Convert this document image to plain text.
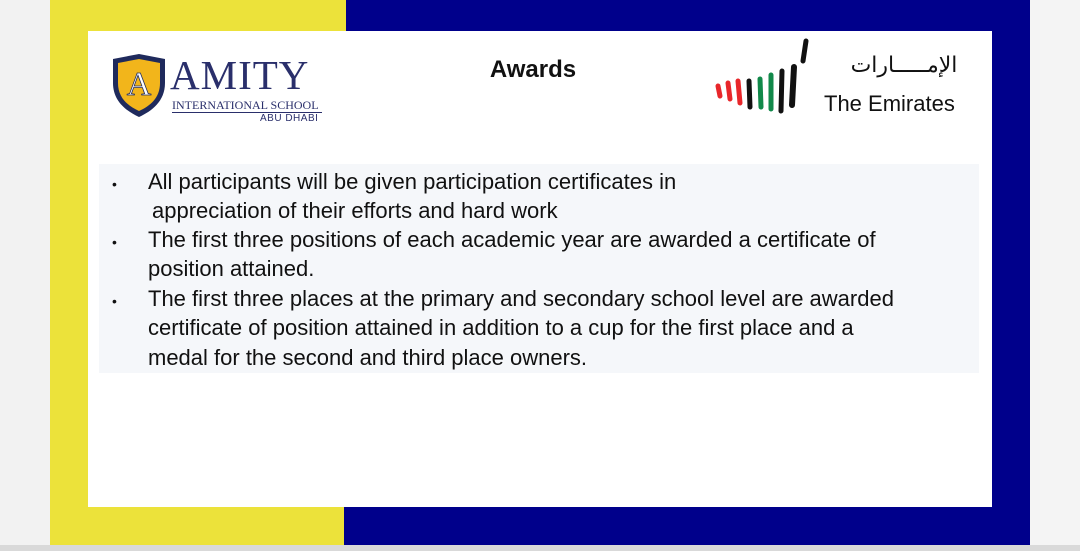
A AMITY
INTERNATIONAL SCHOOL
ABU DHABI
Awards	الإمـــــارات
The Emirates
• All participants will be given participation certificates in
appreciation of their efforts and hard work
• The first three positions of each academic year are awarded a certificate of
position attained.
• The first three places at the primary and secondary school level are awarded
certificate of position attained in addition to a cup for the first place and a
medal for the second and third place owners.
